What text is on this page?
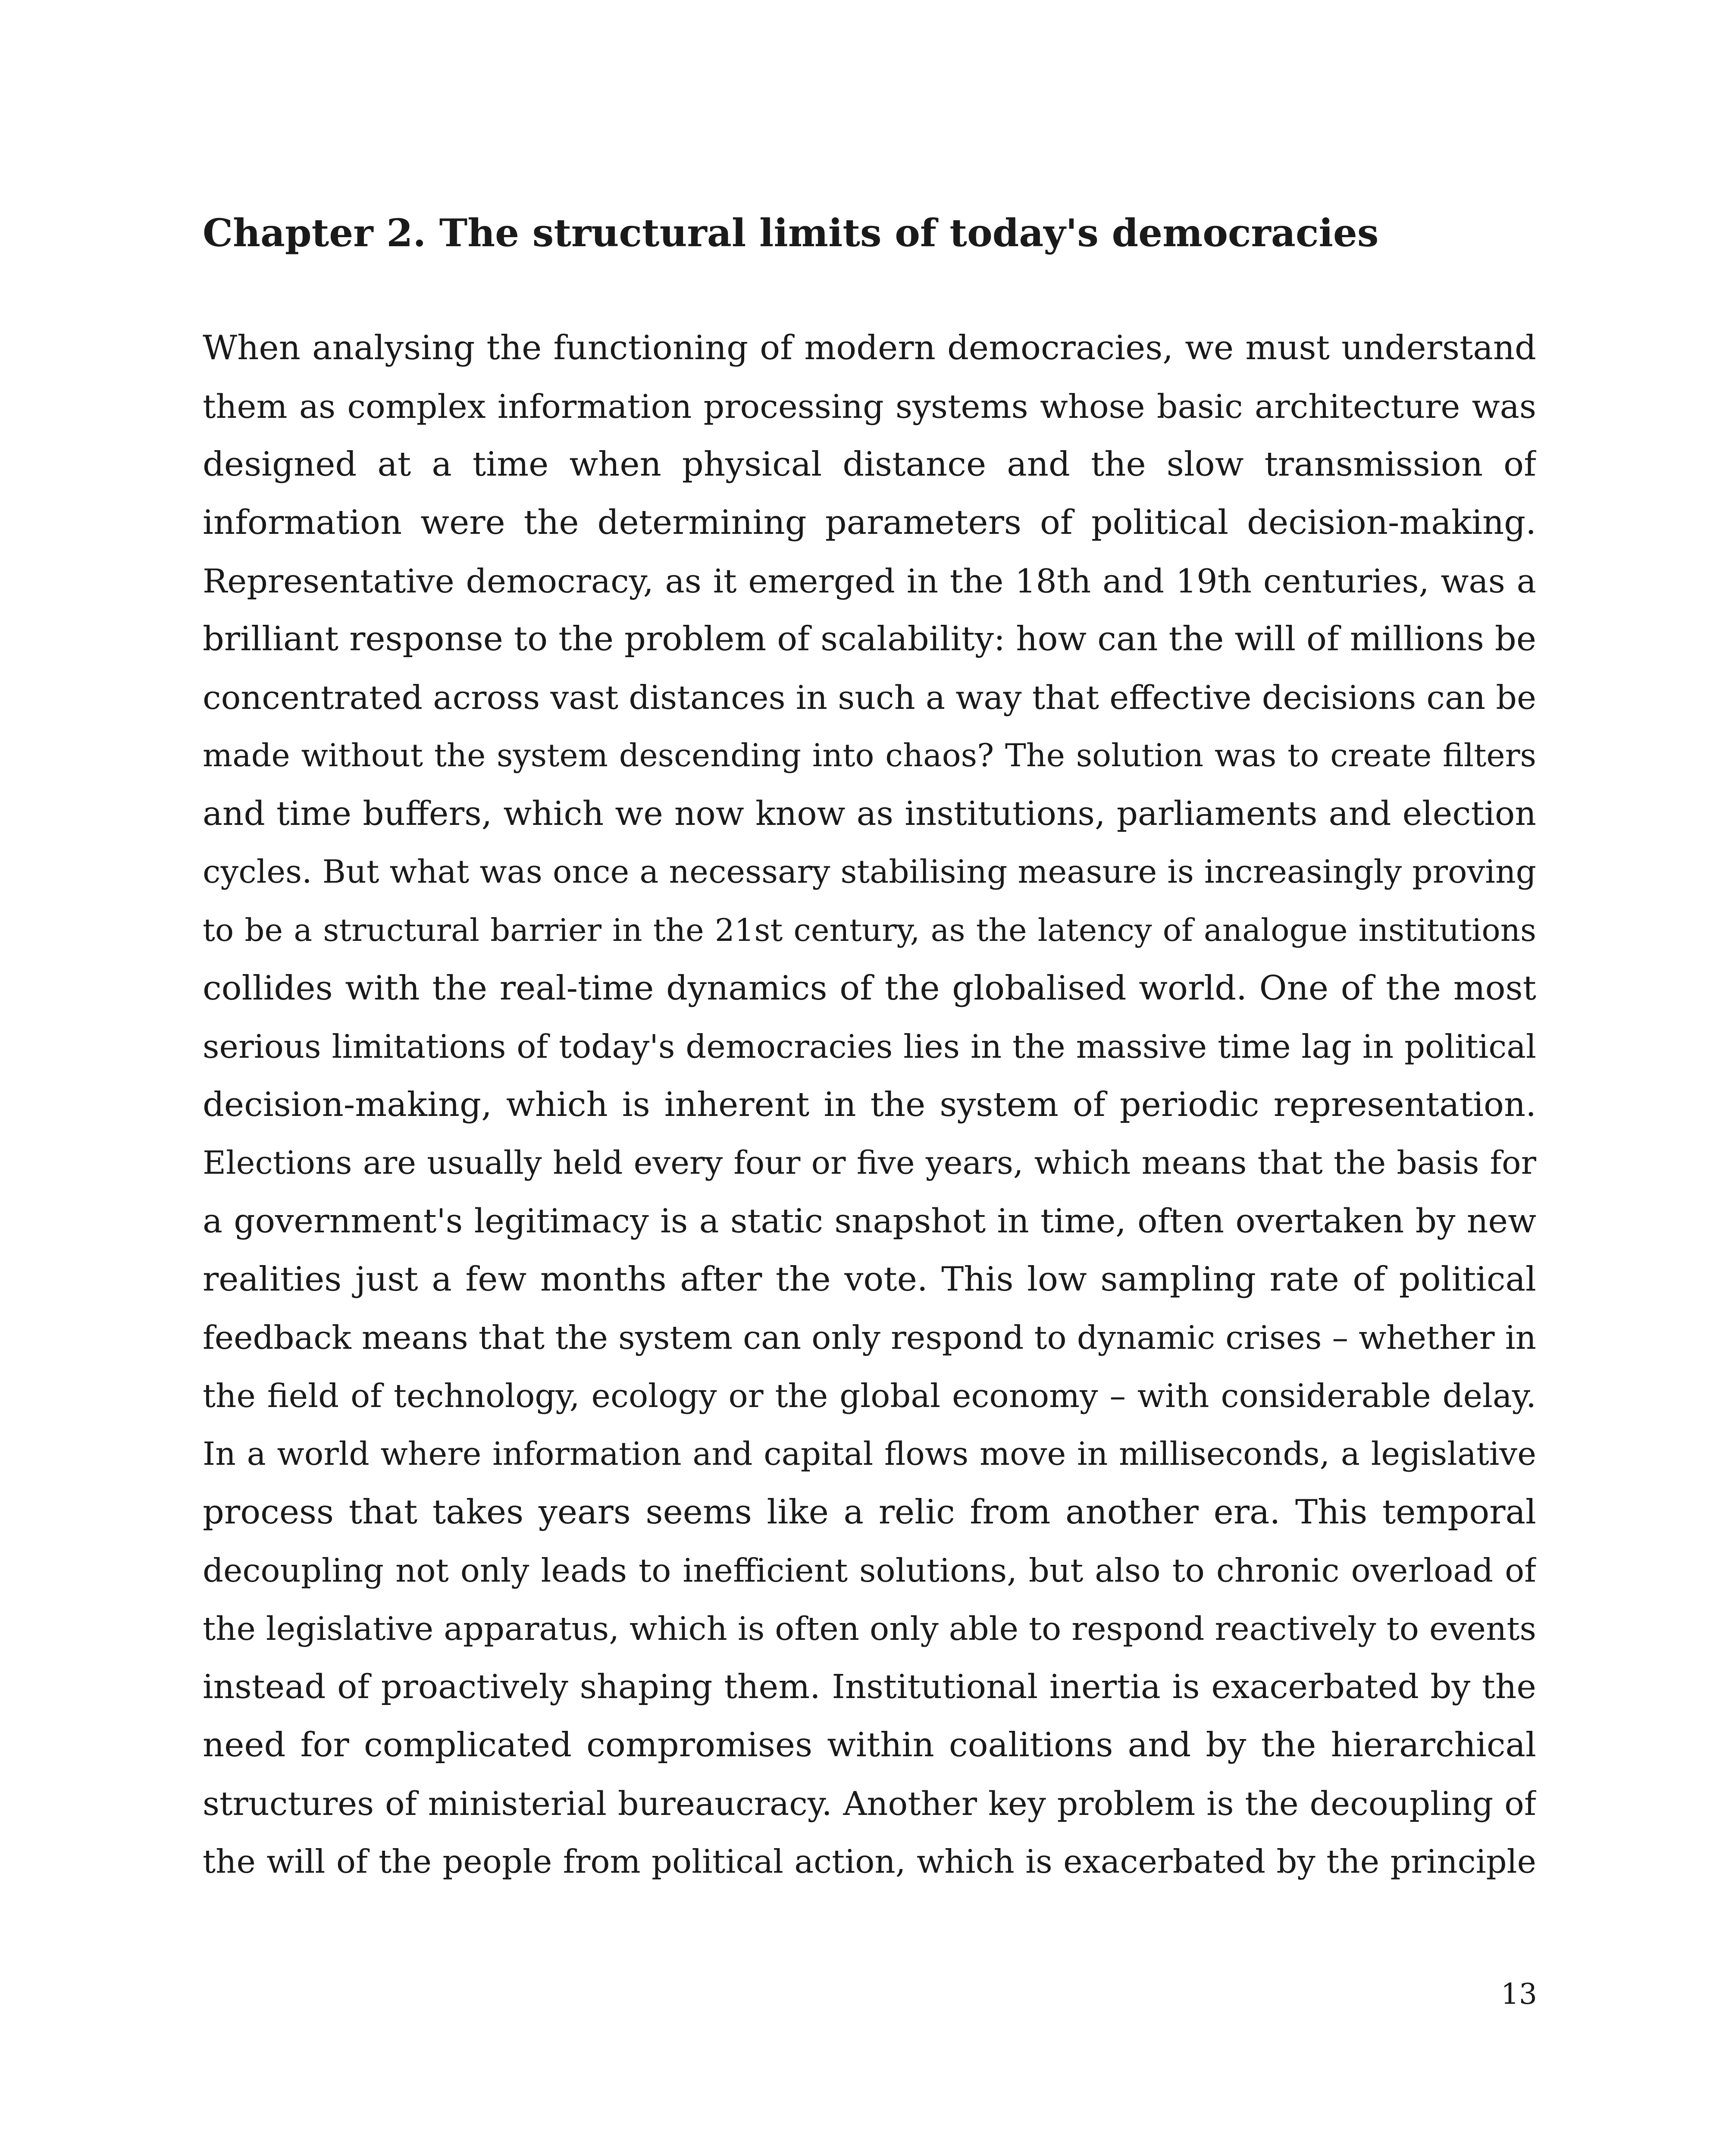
Chapter 2. The structural limits of today's democracies
When analysing the functioning of modern democracies, we must understand
them as complex information processing systems whose basic architecture was
designed at a time when physical distance and the slow transmission of
information were the determining parameters of political decision-making.
Representative democracy, as it emerged in the 18th and 19th centuries, was a
brilliant response to the problem of scalability: how can the will of millions be
concentrated across vast distances in such a way that effective decisions can be
made without the system descending into chaos? The solution was to create filters
and time buffers, which we now know as institutions, parliaments and election
cycles. But what was once a necessary stabilising measure is increasingly proving
to be a structural barrier in the 21st century, as the latency of analogue institutions
collides with the real-time dynamics of the globalised world. One of the most
serious limitations of today's democracies lies in the massive time lag in political
decision-making, which is inherent in the system of periodic representation.
Elections are usually held every four or five years, which means that the basis for
a government's legitimacy is a static snapshot in time, often overtaken by new
realities just a few months after the vote. This low sampling rate of political
feedback means that the system can only respond to dynamic crises – whether in
the field of technology, ecology or the global economy – with considerable delay.
In a world where information and capital flows move in milliseconds, a legislative
process that takes years seems like a relic from another era. This temporal
decoupling not only leads to inefficient solutions, but also to chronic overload of
the legislative apparatus, which is often only able to respond reactively to events
instead of proactively shaping them. Institutional inertia is exacerbated by the
need for complicated compromises within coalitions and by the hierarchical
structures of ministerial bureaucracy. Another key problem is the decoupling of
the will of the people from political action, which is exacerbated by the principle
13
